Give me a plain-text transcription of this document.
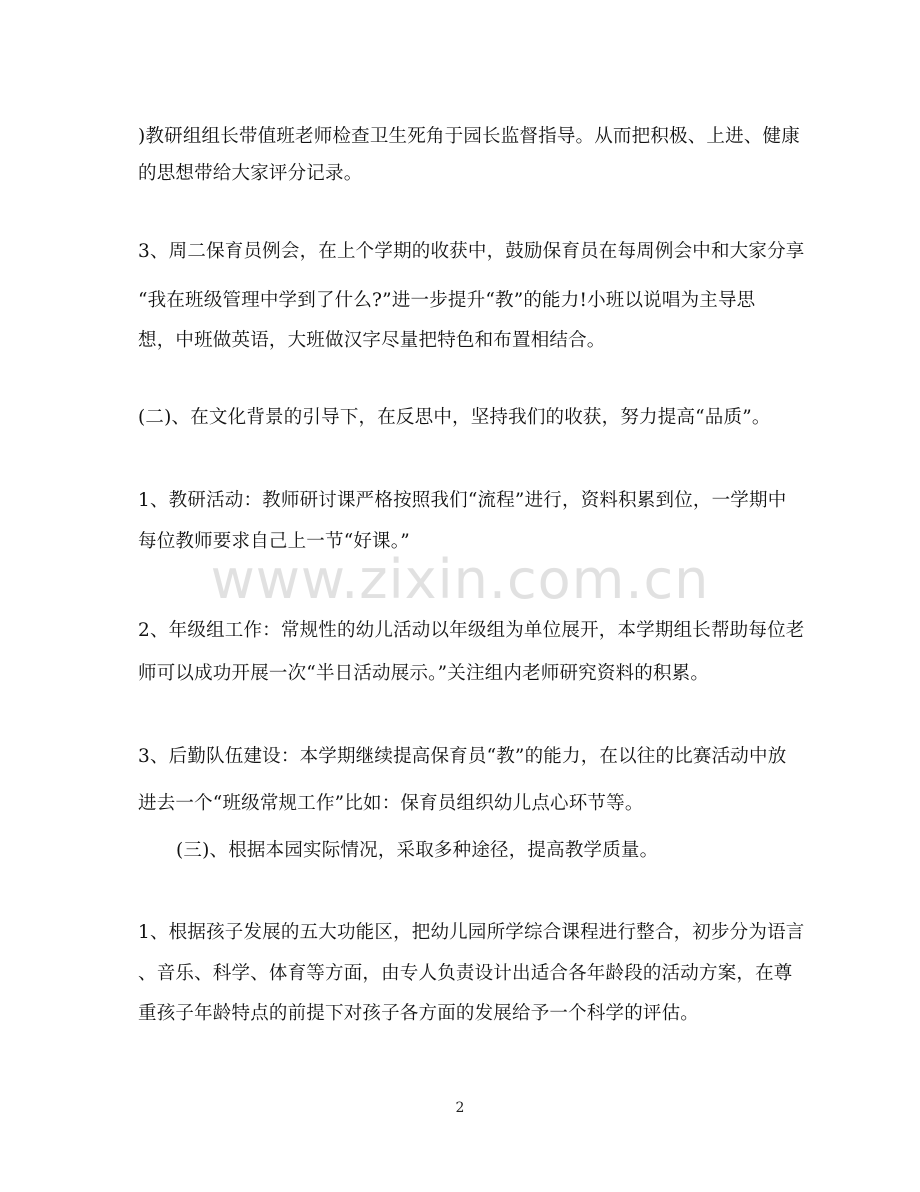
)教研组组长带值班老师检查卫生死角于园长监督指导。从而把积极、上进、健康
的思想带给大家评分记录。
3、周二保育员例会，在上个学期的收获中，鼓励保育员在每周例会中和大家分享
“我在班级管理中学到了什么?”进一步提升“教”的能力!小班以说唱为主导思
想，中班做英语，大班做汉字尽量把特色和布置相结合。
(二)、在文化背景的引导下，在反思中，坚持我们的收获，努力提高“品质”。
1、教研活动：教师研讨课严格按照我们“流程”进行，资料积累到位，一学期中
每位教师要求自己上一节“好课。”
2、年级组工作：常规性的幼儿活动以年级组为单位展开，本学期组长帮助每位老
师可以成功开展一次“半日活动展示。”关注组内老师研究资料的积累。
3、后勤队伍建设：本学期继续提高保育员“教”的能力，在以往的比赛活动中放
进去一个“班级常规工作”比如：保育员组织幼儿点心环节等。
(三)、根据本园实际情况，采取多种途径，提高教学质量。
1、根据孩子发展的五大功能区，把幼儿园所学综合课程进行整合，初步分为语言
、音乐、科学、体育等方面，由专人负责设计出适合各年龄段的活动方案，在尊
重孩子年龄特点的前提下对孩子各方面的发展给予一个科学的评估。
www.zixin.com.cn
2
